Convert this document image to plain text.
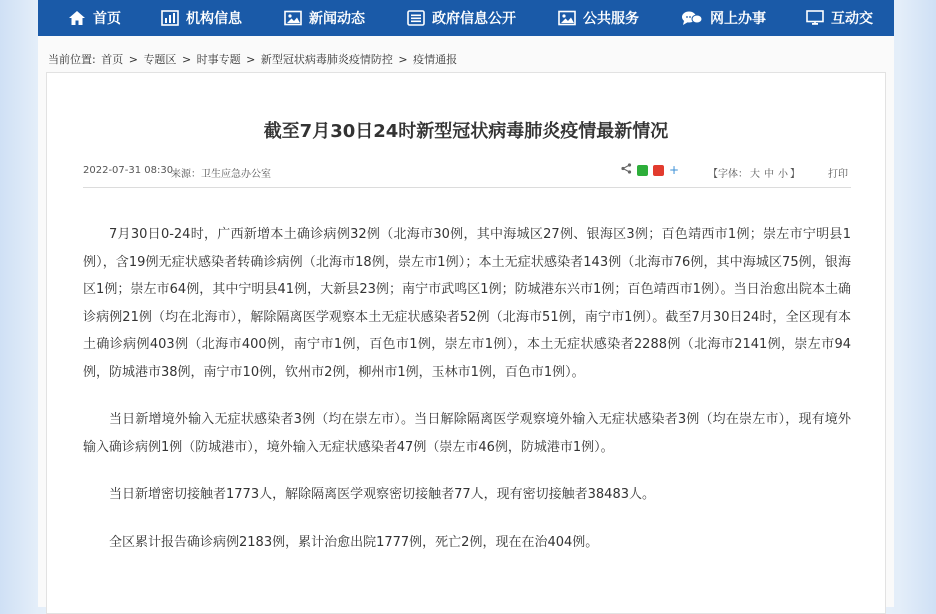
首页	机构信息	新闻动态	政府信息公开	公共服务	网上办事	互动交
当前位置: 首页 > 专题区 > 时事专题 > 新型冠状病毒肺炎疫情防控 > 疫情通报
截至7月30日24时新型冠状病毒肺炎疫情最新情况
2022-07-31 08:30
来源：卫生应急办公室	+	【字体： 大 中 小 】	打印

7月30日0-24时，广西新增本土确诊病例32例（北海市30例，其中海城区27例、银海区3例；百色靖西市1例；崇左市宁明县1例），含19例无症状感染者转确诊病例（北海市18例，崇左市1例）；本土无症状感染者143例（北海市76例，其中海城区75例，银海区1例；崇左市64例，其中宁明县41例，大新县23例；南宁市武鸣区1例；防城港东兴市1例；百色靖西市1例）。当日治愈出院本土确诊病例21例（均在北海市），解除隔离医学观察本土无症状感染者52例（北海市51例，南宁市1例）。截至7月30日24时，全区现有本土确诊病例403例（北海市400例，南宁市1例，百色市1例，崇左市1例），本土无症状感染者2288例（北海市2141例，崇左市94例，防城港市38例，南宁市10例，钦州市2例，柳州市1例，玉林市1例，百色市1例）。

当日新增境外输入无症状感染者3例（均在崇左市）。当日解除隔离医学观察境外输入无症状感染者3例（均在崇左市），现有境外输入确诊病例1例（防城港市），境外输入无症状感染者47例（崇左市46例，防城港市1例）。

当日新增密切接触者1773人，解除隔离医学观察密切接触者77人，现有密切接触者38483人。

全区累计报告确诊病例2183例，累计治愈出院1777例，死亡2例，现在在治404例。
